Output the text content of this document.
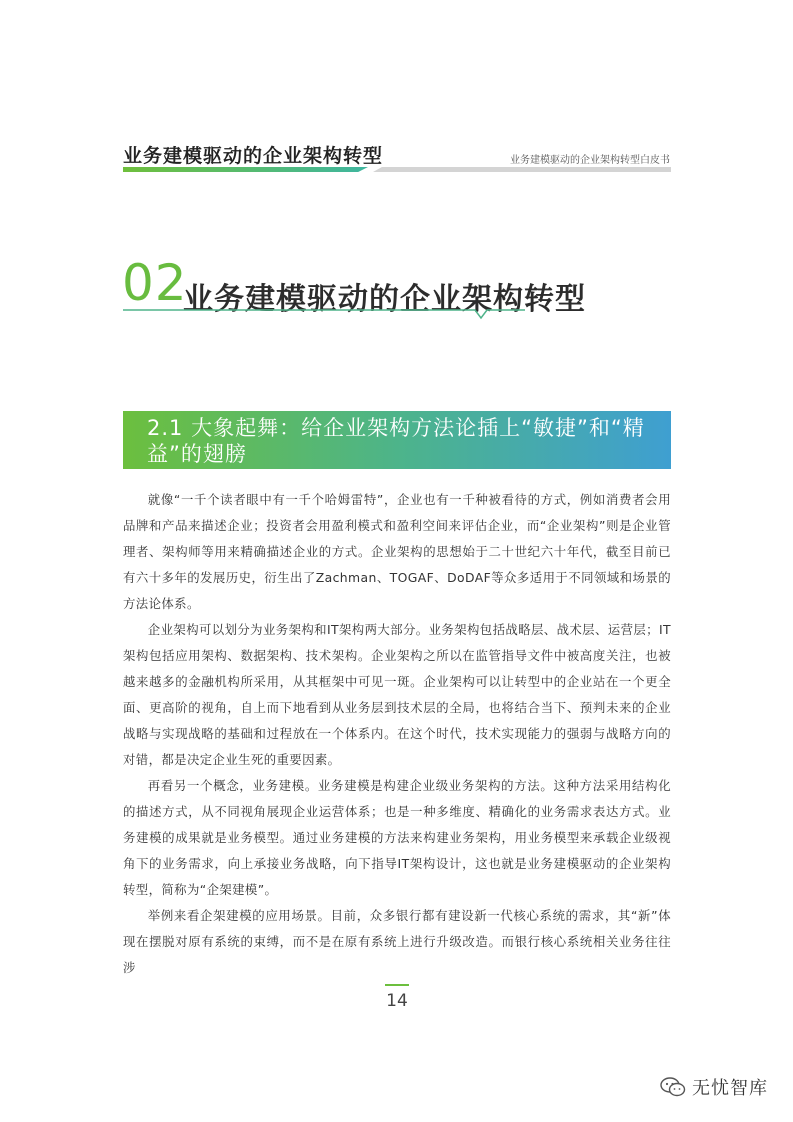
业务建模驱动的企业架构转型	业务建模驱动的企业架构转型白皮书
02
业务建模驱动的企业架构转型
2.1 大象起舞：给企业架构方法论插上“敏捷”和“精益”的翅膀

就像“一千个读者眼中有一千个哈姆雷特”，企业也有一千种被看待的方式，例如消费者会用品牌和产品来描述企业；投资者会用盈利模式和盈利空间来评估企业，而“企业架构”则是企业管理者、架构师等用来精确描述企业的方式。企业架构的思想始于二十世纪六十年代，截至目前已有六十多年的发展历史，衍生出了Zachman、TOGAF、DoDAF等众多适用于不同领域和场景的方法论体系。

企业架构可以划分为业务架构和IT架构两大部分。业务架构包括战略层、战术层、运营层；IT架构包括应用架构、数据架构、技术架构。企业架构之所以在监管指导文件中被高度关注，也被越来越多的金融机构所采用，从其框架中可见一斑。企业架构可以让转型中的企业站在一个更全面、更高阶的视角，自上而下地看到从业务层到技术层的全局，也将结合当下、预判未来的企业战略与实现战略的基础和过程放在一个体系内。在这个时代，技术实现能力的强弱与战略方向的对错，都是决定企业生死的重要因素。

再看另一个概念，业务建模。业务建模是构建企业级业务架构的方法。这种方法采用结构化的描述方式，从不同视角展现企业运营体系；也是一种多维度、精确化的业务需求表达方式。业务建模的成果就是业务模型。通过业务建模的方法来构建业务架构，用业务模型来承载企业级视角下的业务需求，向上承接业务战略，向下指导IT架构设计，这也就是业务建模驱动的企业架构转型，简称为“企架建模”。

举例来看企架建模的应用场景。目前，众多银行都有建设新一代核心系统的需求，其“新”体现在摆脱对原有系统的束缚，而不是在原有系统上进行升级改造。而银行核心系统相关业务往往涉

14
无忧智库
